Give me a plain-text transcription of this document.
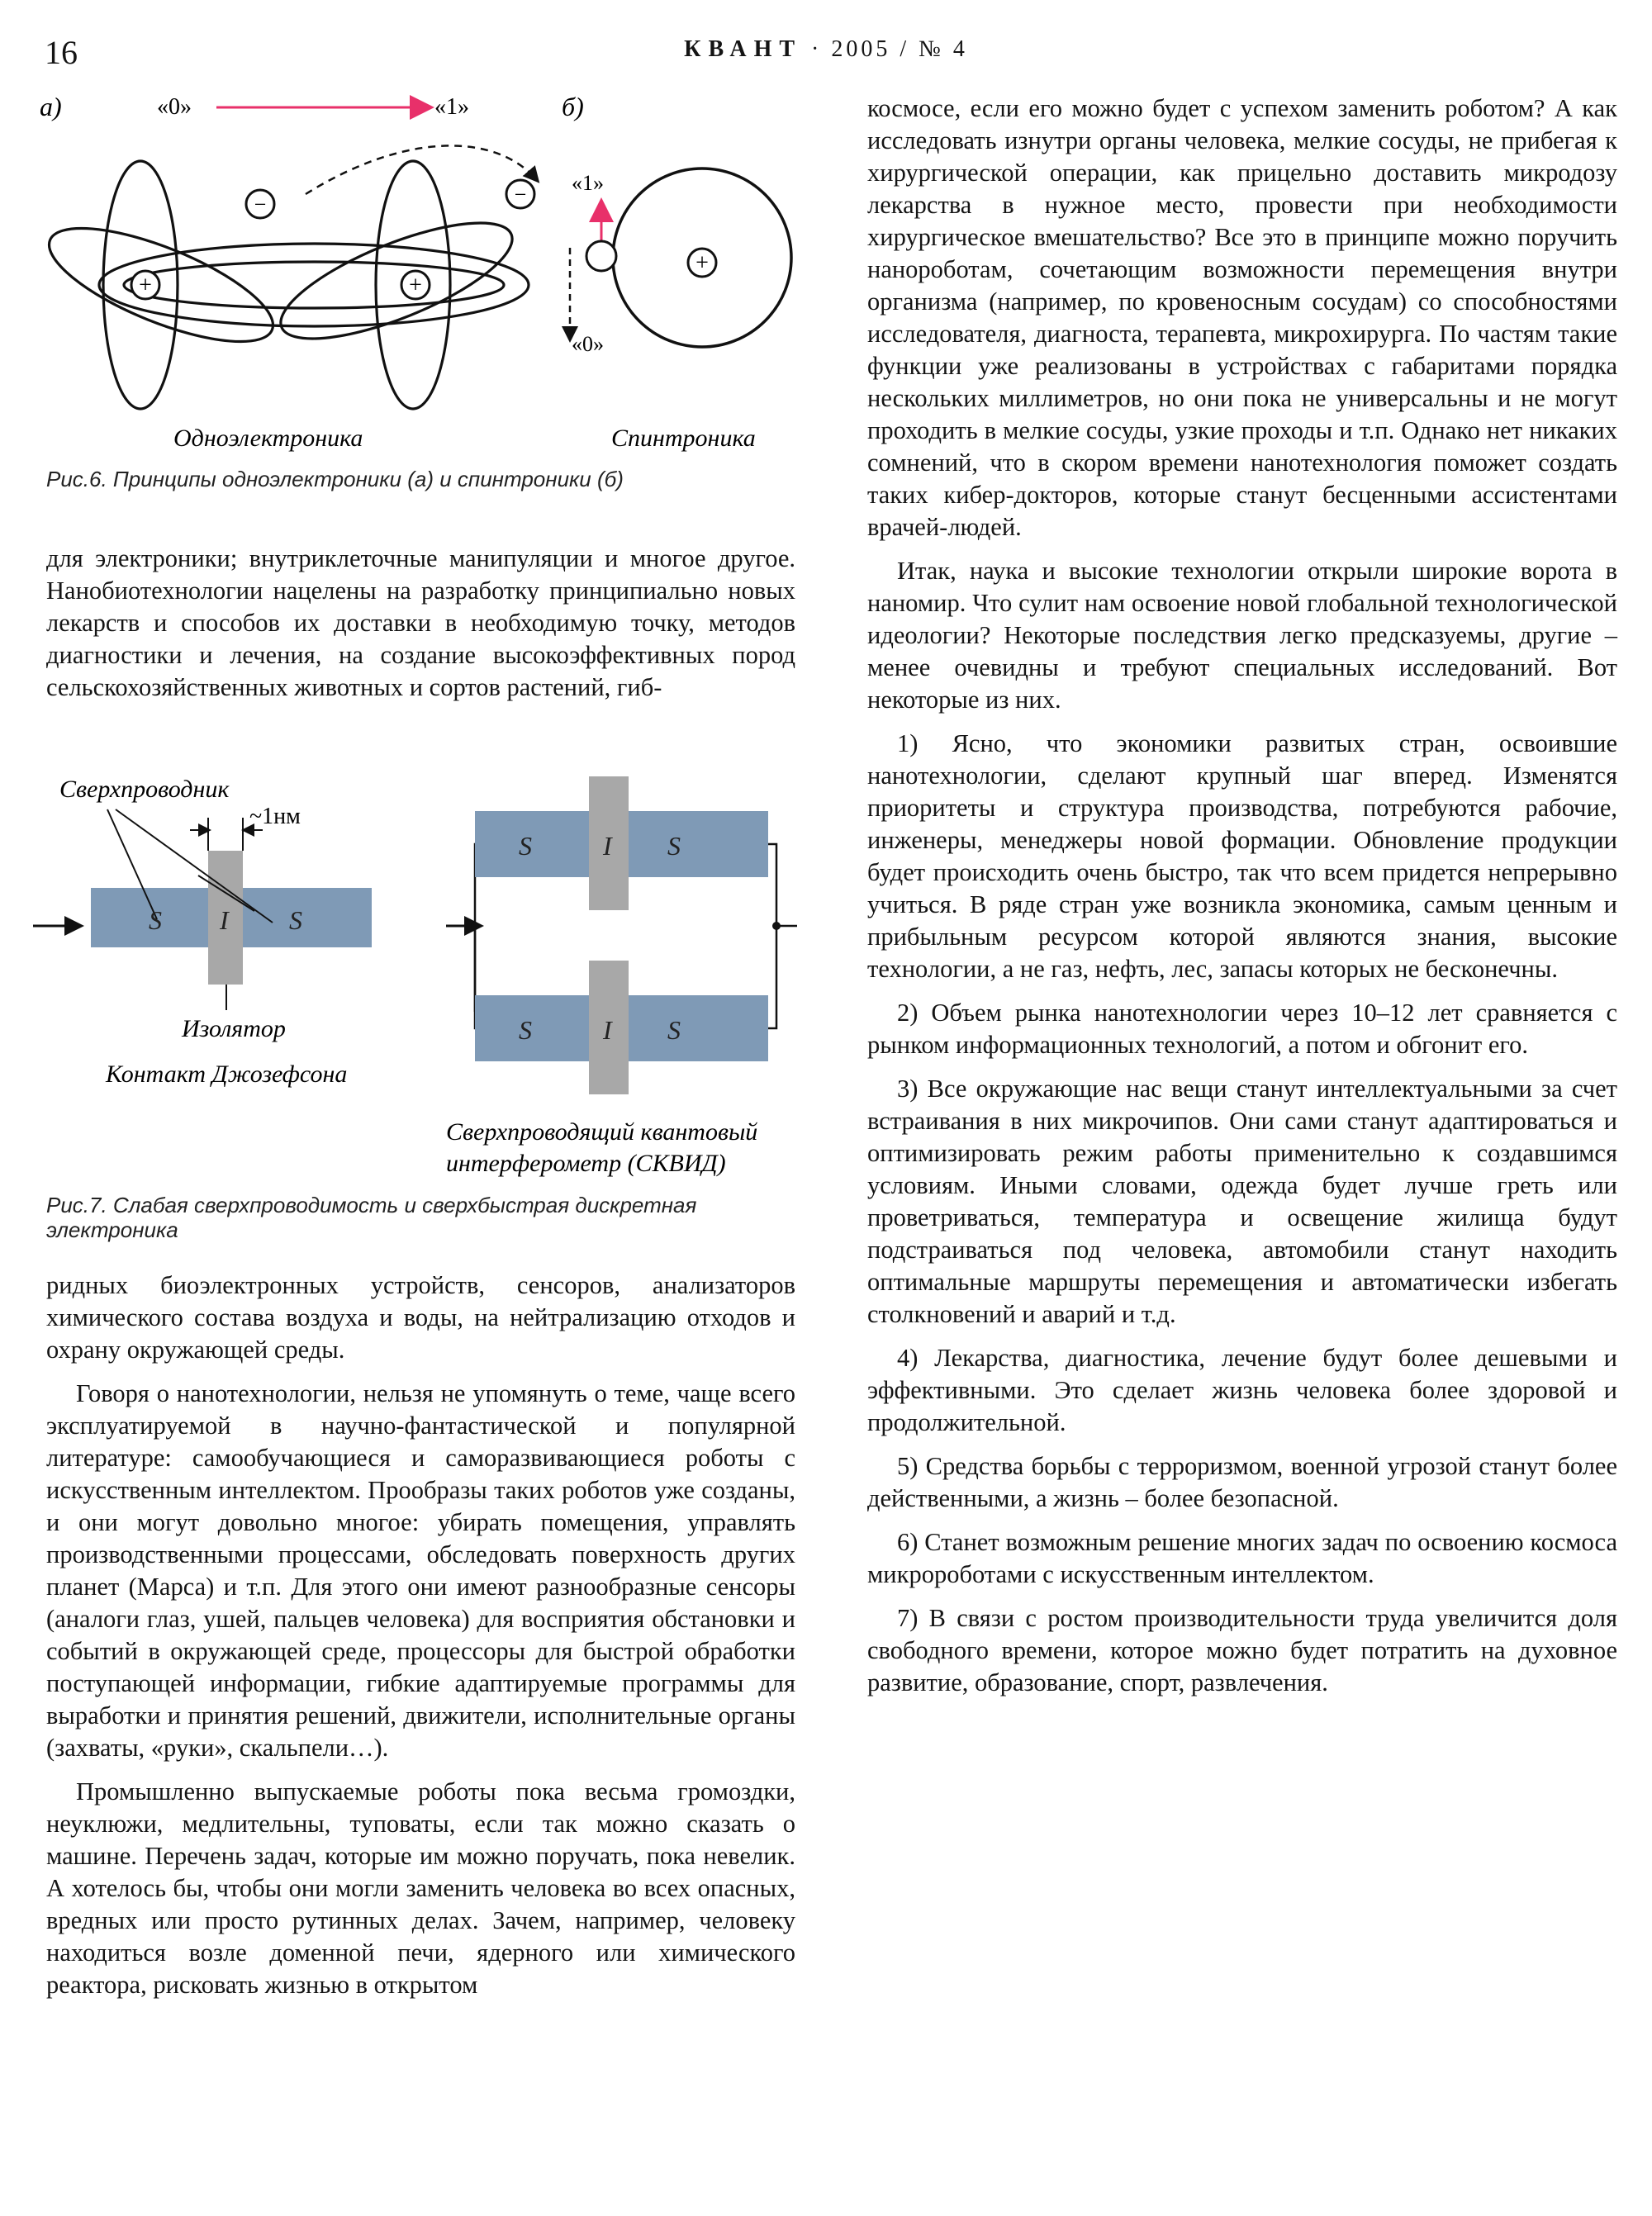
16	КВАНТ · 2005 / № 4
а)	«0»	«1»
−	−
+	+
Одноэлектроника
б)
«1»
«0»
+
Спинтроника
Рис.6. Принципы одноэлектроники (а) и спинтроники (б)

для электроники; внутриклеточные манипуляции и многое другое. Нанобиотехнологии нацелены на разработку принципиально новых лекарств и способов их доставки в необходимую точку, методов диагностики и лечения, на создание высокоэффективных пород сельскохозяйственных животных и сортов растений, гиб-

Сверхпроводник
~1нм
S I S
Изолятор
Контакт Джозефсона
S	I S
S	I S
Сверхпроводящий квантовый
интерферометр (СКВИД)
Рис.7. Слабая сверхпроводимость и сверхбыстрая дискретная электроника

ридных биоэлектронных устройств, сенсоров, анализаторов химического состава воздуха и воды, на нейтрализацию отходов и охрану окружающей среды.

Говоря о нанотехнологии, нельзя не упомянуть о теме, чаще всего эксплуатируемой в научно-фантастической и популярной литературе: самообучающиеся и саморазвивающиеся роботы с искусственным интеллектом. Прообразы таких роботов уже созданы, и они могут довольно многое: убирать помещения, управлять производственными процессами, обследовать поверхность других планет (Марса) и т.п. Для этого они имеют разнообразные сенсоры (аналоги глаз, ушей, пальцев человека) для восприятия обстановки и событий в окружающей среде, процессоры для быстрой обработки поступающей информации, гибкие адаптируемые программы для выработки и принятия решений, движители, исполнительные органы (захваты, «руки», скальпели…).

Промышленно выпускаемые роботы пока весьма громоздки, неуклюжи, медлительны, туповаты, если так можно сказать о машине. Перечень задач, которые им можно поручать, пока невелик. А хотелось бы, чтобы они могли заменить человека во всех опасных, вредных или просто рутинных делах. Зачем, например, человеку находиться возле доменной печи, ядерного или химического реактора, рисковать жизнью в открытом

космосе, если его можно будет с успехом заменить роботом? А как исследовать изнутри органы человека, мелкие сосуды, не прибегая к хирургической операции, как прицельно доставить микродозу лекарства в нужное место, провести при необходимости хирургическое вмешательство? Все это в принципе можно поручить нанороботам, сочетающим возможности перемещения внутри организма (например, по кровеносным сосудам) со способностями исследователя, диагноста, терапевта, микрохирурга. По частям такие функции уже реализованы в устройствах с габаритами порядка нескольких миллиметров, но они пока не универсальны и не могут проходить в мелкие сосуды, узкие проходы и т.п. Однако нет никаких сомнений, что в скором времени нанотехнология поможет создать таких кибер-докторов, которые станут бесценными ассистентами врачей-людей.

Итак, наука и высокие технологии открыли широкие ворота в наномир. Что сулит нам освоение новой глобальной технологической идеологии? Некоторые последствия легко предсказуемы, другие – менее очевидны и требуют специальных исследований. Вот некоторые из них.

1) Ясно, что экономики развитых стран, освоившие нанотехнологии, сделают крупный шаг вперед. Изменятся приоритеты и структура производства, потребуются рабочие, инженеры, менеджеры новой формации. Обновление продукции будет происходить очень быстро, так что всем придется непрерывно учиться. В ряде стран уже возникла экономика, самым ценным и прибыльным ресурсом которой являются знания, высокие технологии, а не газ, нефть, лес, запасы которых не бесконечны.

2) Объем рынка нанотехнологии через 10–12 лет сравняется с рынком информационных технологий, а потом и обгонит его.

3) Все окружающие нас вещи станут интеллектуальными за счет встраивания в них микрочипов. Они сами станут адаптироваться и оптимизировать режим работы применительно к создавшимся условиям. Иными словами, одежда будет лучше греть или проветриваться, температура и освещение жилища будут подстраиваться под человека, автомобили станут находить оптимальные маршруты перемещения и автоматически избегать столкновений и аварий и т.д.

4) Лекарства, диагностика, лечение будут более дешевыми и эффективными. Это сделает жизнь человека более здоровой и продолжительной.

5) Средства борьбы с терроризмом, военной угрозой станут более действенными, а жизнь – более безопасной.

6) Станет возможным решение многих задач по освоению космоса микророботами с искусственным интеллектом.

7) В связи с ростом производительности труда увеличится доля свободного времени, которое можно будет потратить на духовное развитие, образование, спорт, развлечения.
